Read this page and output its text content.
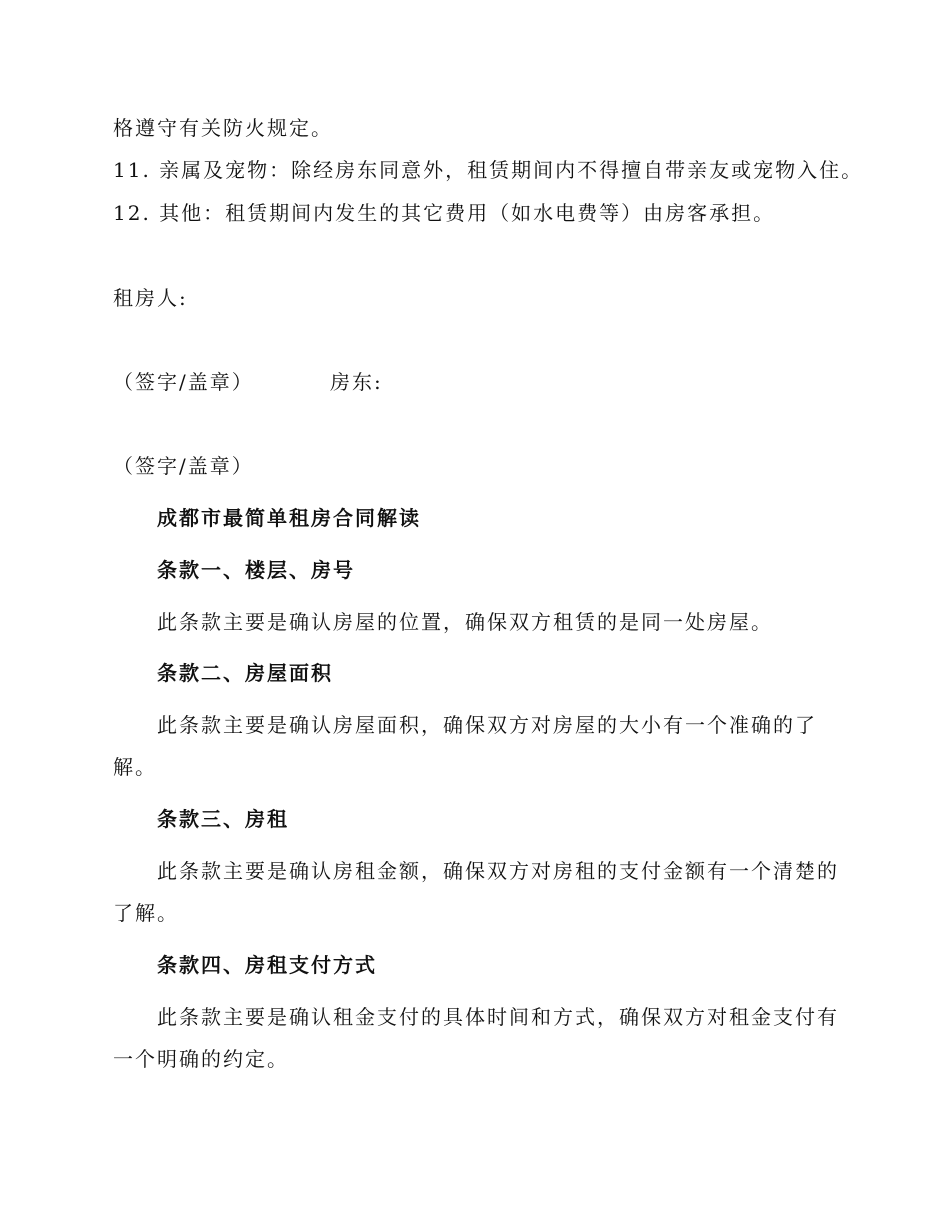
格遵守有关防火规定。
11. 亲属及宠物：除经房东同意外，租赁期间内不得擅自带亲友或宠物入住。
12. 其他：租赁期间内发生的其它费用（如水电费等）由房客承担。
租房人:
（签字/盖章）	房东:
（签字/盖章）
成都市最简单租房合同解读
条款一、楼层、房号
此条款主要是确认房屋的位置，确保双方租赁的是同一处房屋。
条款二、房屋面积
此条款主要是确认房屋面积，确保双方对房屋的大小有一个准确的了
解。
条款三、房租
此条款主要是确认房租金额，确保双方对房租的支付金额有一个清楚的
了解。
条款四、房租支付方式
此条款主要是确认租金支付的具体时间和方式，确保双方对租金支付有
一个明确的约定。
